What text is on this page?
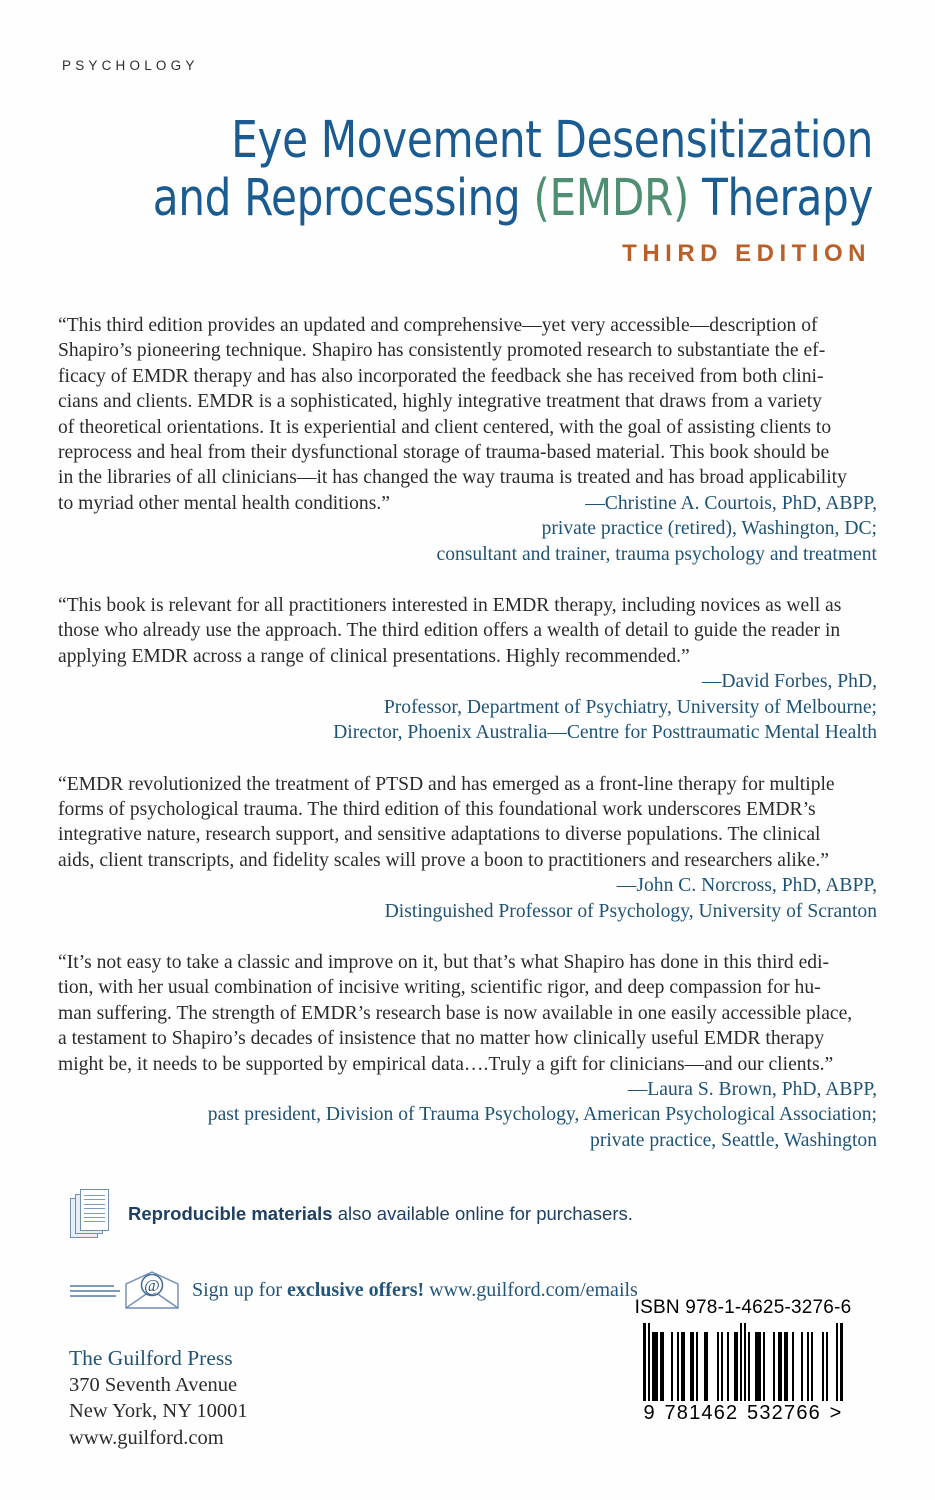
PSYCHOLOGY
Eye Movement Desensitization
and Reprocessing (EMDR) Therapy
THIRD EDITION
“This third edition provides an updated and comprehensive—yet very accessible—description of
Shapiro’s pioneering technique. Shapiro has consistently promoted research to substantiate the ef-
ficacy of EMDR therapy and has also incorporated the feedback she has received from both clini-
cians and clients. EMDR is a sophisticated, highly integrative treatment that draws from a variety
of theoretical orientations. It is experiential and client centered, with the goal of assisting clients to
reprocess and heal from their dysfunctional storage of trauma-based material. This book should be
in the libraries of all clinicians—it has changed the way trauma is treated and has broad applicability
to myriad other mental health conditions.”	—Christine A. Courtois, PhD, ABPP,
private practice (retired), Washington, DC;
consultant and trainer, trauma psychology and treatment
“This book is relevant for all practitioners interested in EMDR therapy, including novices as well as
those who already use the approach. The third edition offers a wealth of detail to guide the reader in
applying EMDR across a range of clinical presentations. Highly recommended.”
—David Forbes, PhD,
Professor, Department of Psychiatry, University of Melbourne;
Director, Phoenix Australia—Centre for Posttraumatic Mental Health
“EMDR revolutionized the treatment of PTSD and has emerged as a front-line therapy for multiple
forms of psychological trauma. The third edition of this foundational work underscores EMDR’s
integrative nature, research support, and sensitive adaptations to diverse populations. The clinical
aids, client transcripts, and fidelity scales will prove a boon to practitioners and researchers alike.”
—John C. Norcross, PhD, ABPP,
Distinguished Professor of Psychology, University of Scranton
“It’s not easy to take a classic and improve on it, but that’s what Shapiro has done in this third edi-
tion, with her usual combination of incisive writing, scientific rigor, and deep compassion for hu-
man suffering. The strength of EMDR’s research base is now available in one easily accessible place,
a testament to Shapiro’s decades of insistence that no matter how clinically useful EMDR therapy
might be, it needs to be supported by empirical data….Truly a gift for clinicians—and our clients.”
—Laura S. Brown, PhD, ABPP,
past president, Division of Trauma Psychology, American Psychological Association;
private practice, Seattle, Washington
Reproducible materials also available online for purchasers.
@ Sign up for exclusive offers! www.guilford.com/emails
The Guilford Press
370 Seventh Avenue
New York, NY 10001
www.guilford.com
ISBN 978-1-4625-3276-6
9 781462 532766 >
